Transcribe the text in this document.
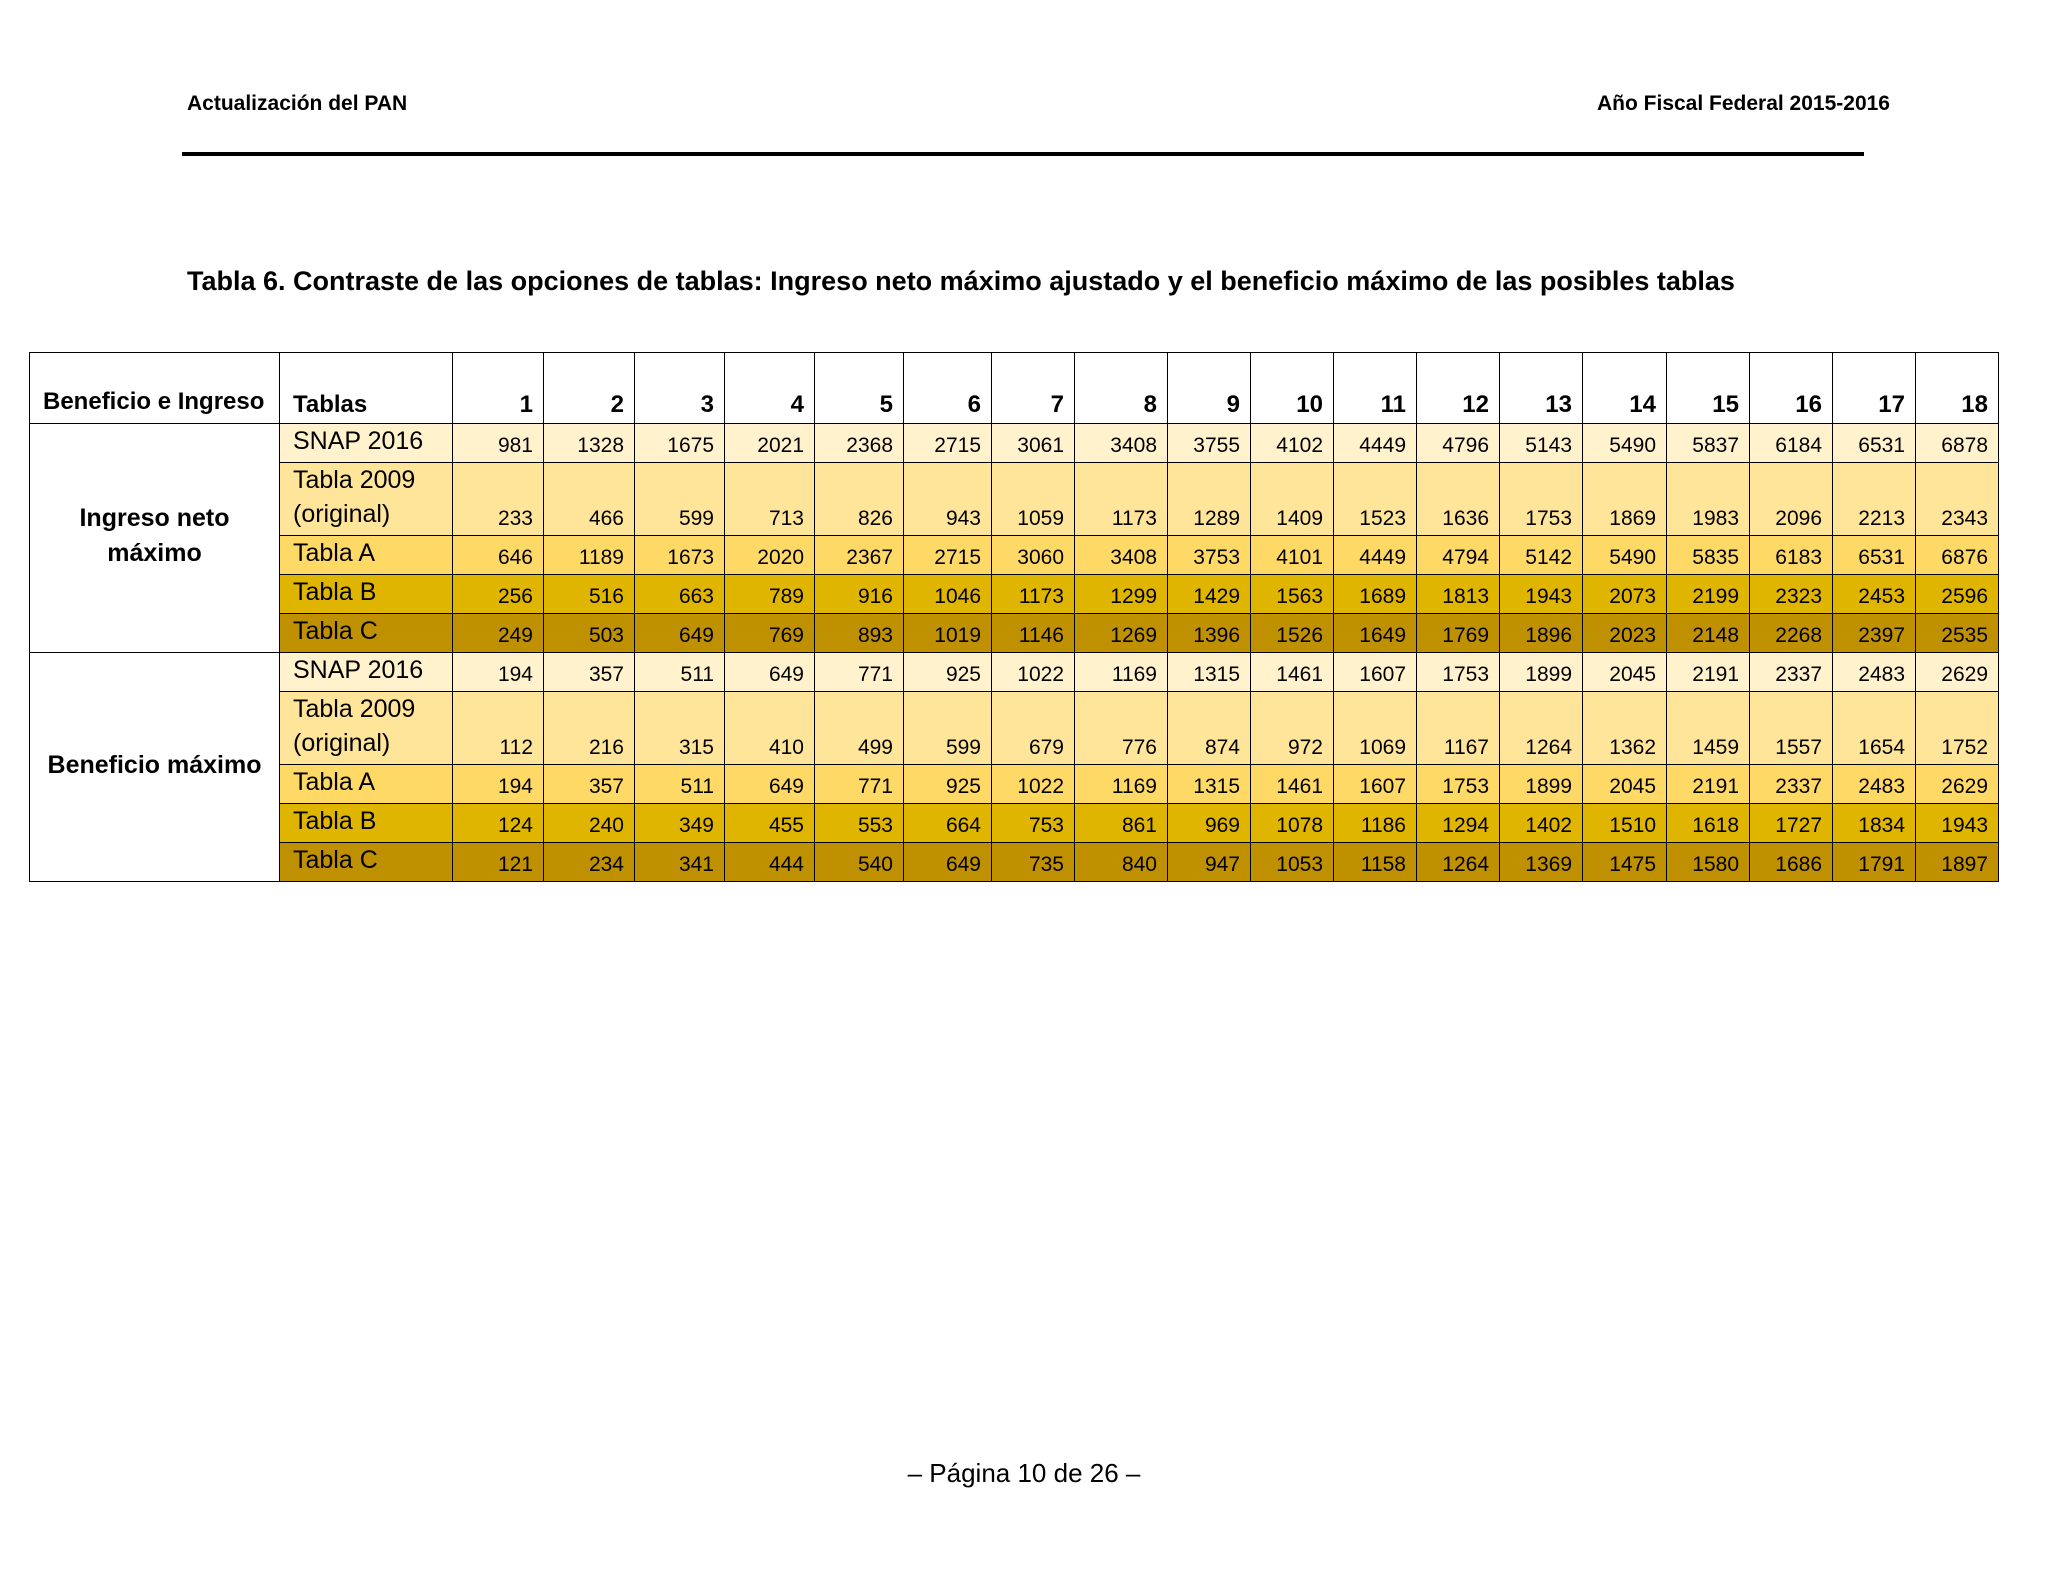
Actualización del PAN	Año Fiscal Federal 2015-2016
Tabla 6. Contraste de las opciones de tablas: Ingreso neto máximo ajustado y el beneficio máximo de las posibles tablas
Beneficio e Ingreso	Tablas	1	2	3	4	5	6	7	8	9	10	11	12	13	14	15	16	17	18
Ingreso neto máximo	SNAP 2016	981	1328	1675	2021	2368	2715	3061	3408	3755	4102	4449	4796	5143	5490	5837	6184	6531	6878
	Tabla 2009 (original)	233	466	599	713	826	943	1059	1173	1289	1409	1523	1636	1753	1869	1983	2096	2213	2343
	Tabla A	646	1189	1673	2020	2367	2715	3060	3408	3753	4101	4449	4794	5142	5490	5835	6183	6531	6876
	Tabla B	256	516	663	789	916	1046	1173	1299	1429	1563	1689	1813	1943	2073	2199	2323	2453	2596
	Tabla C	249	503	649	769	893	1019	1146	1269	1396	1526	1649	1769	1896	2023	2148	2268	2397	2535
Beneficio máximo	SNAP 2016	194	357	511	649	771	925	1022	1169	1315	1461	1607	1753	1899	2045	2191	2337	2483	2629
	Tabla 2009 (original)	112	216	315	410	499	599	679	776	874	972	1069	1167	1264	1362	1459	1557	1654	1752
	Tabla A	194	357	511	649	771	925	1022	1169	1315	1461	1607	1753	1899	2045	2191	2337	2483	2629
	Tabla B	124	240	349	455	553	664	753	861	969	1078	1186	1294	1402	1510	1618	1727	1834	1943
	Tabla C	121	234	341	444	540	649	735	840	947	1053	1158	1264	1369	1475	1580	1686	1791	1897
– Página 10 de 26 –
